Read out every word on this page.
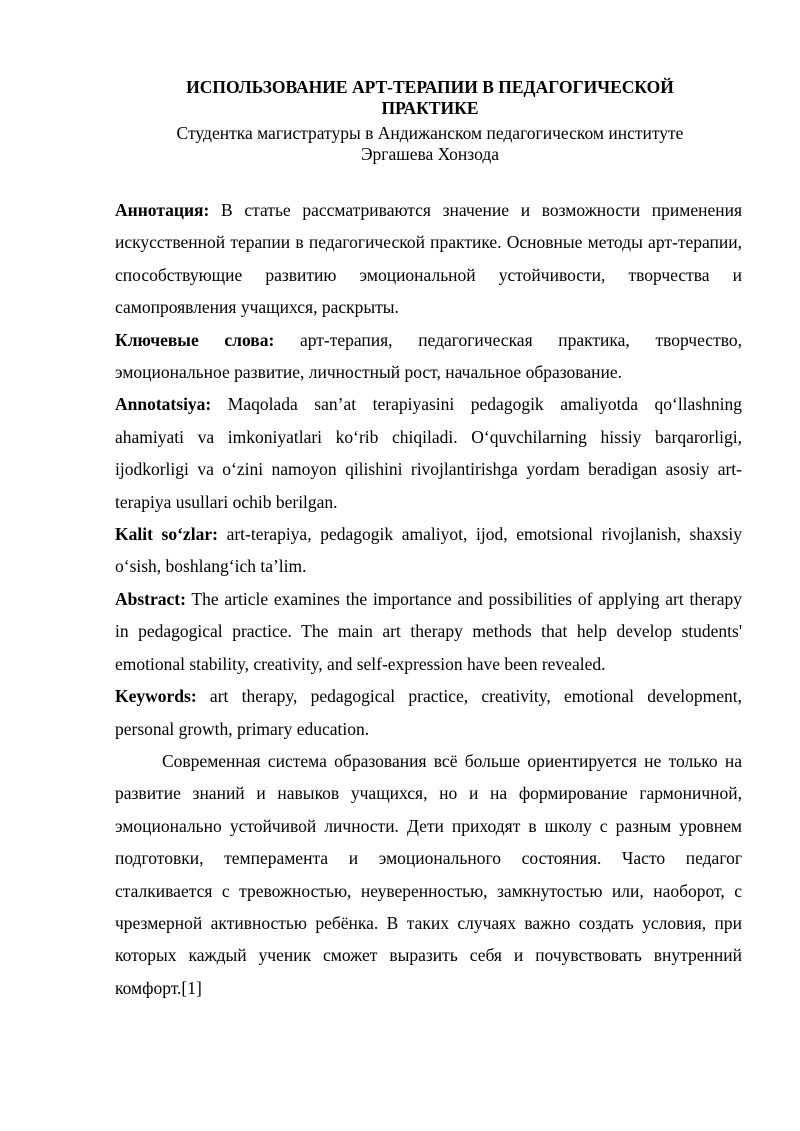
ИСПОЛЬЗОВАНИЕ АРТ-ТЕРАПИИ В ПЕДАГОГИЧЕСКОЙ
ПРАКТИКЕ

Студентка магистратуры в Андижанском педагогическом институте

Эргашева Хонзода

Аннотация: В статье рассматриваются значение и возможности применения искусственной терапии в педагогической практике. Основные методы арт-терапии, способствующие развитию эмоциональной устойчивости, творчества и самопроявления учащихся, раскрыты.

Ключевые слова: арт-терапия, педагогическая практика, творчество, эмоциональное развитие, личностный рост, начальное образование.

Annotatsiya: Maqolada san’at terapiyasini pedagogik amaliyotda qo‘llashning ahamiyati va imkoniyatlari ko‘rib chiqiladi. O‘quvchilarning hissiy barqarorligi, ijodkorligi va o‘zini namoyon qilishini rivojlantirishga yordam beradigan asosiy art-terapiya usullari ochib berilgan.

Kalit so‘zlar: art-terapiya, pedagogik amaliyot, ijod, emotsional rivojlanish, shaxsiy o‘sish, boshlang‘ich ta’lim.

Abstract: The article examines the importance and possibilities of applying art therapy in pedagogical practice. The main art therapy methods that help develop students' emotional stability, creativity, and self-expression have been revealed.

Keywords: art therapy, pedagogical practice, creativity, emotional development, personal growth, primary education.

Современная система образования всё больше ориентируется не только на развитие знаний и навыков учащихся, но и на формирование гармоничной, эмоционально устойчивой личности. Дети приходят в школу с разным уровнем подготовки, темперамента и эмоционального состояния. Часто педагог сталкивается с тревожностью, неуверенностью, замкнутостью или, наоборот, с чрезмерной активностью ребёнка. В таких случаях важно создать условия, при которых каждый ученик сможет выразить себя и почувствовать внутренний комфорт.[1]
